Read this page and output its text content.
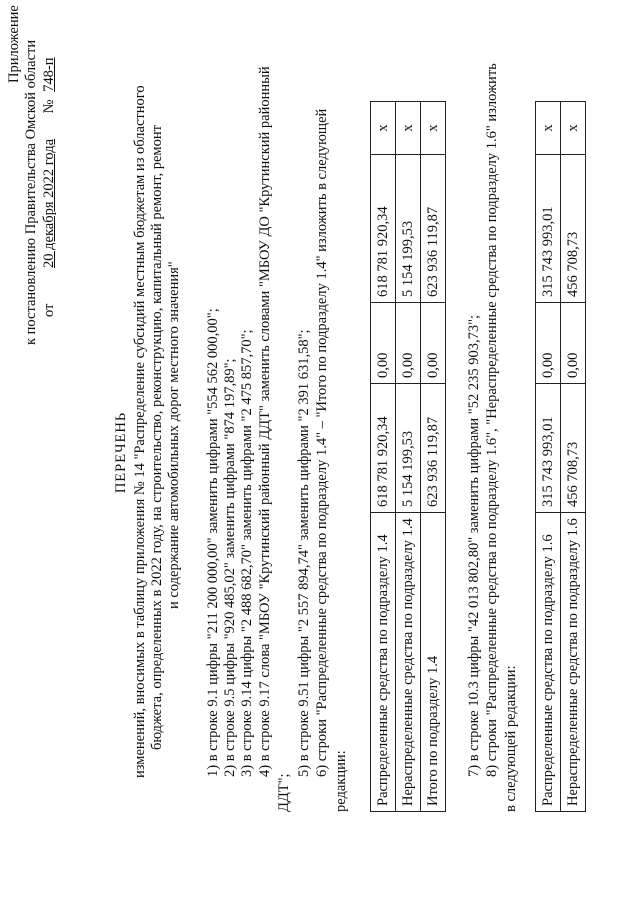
Приложение к постановлению Правительства Омской области от 20 декабря 2022 года № 748-п
ПЕРЕЧЕНЬ изменений, вносимых в таблицу приложения № 14 "Распределение субсидий местным бюджетам из областного бюджета, определенных в 2022 году, на строительство, реконструкцию, капитальный ремонт, ремонт и содержание автомобильных дорог местного значения" 1) в строке 9.1 цифры "211 200 000,00" заменить цифрами "554 562 000,00"; 2) в строке 9.5 цифры "920 485,02" заменить цифрами "874 197,89"; 3) в строке 9.14 цифры "2 488 682,70" заменить цифрами "2 475 857,70"; 4) в строке 9.17 слова "МБОУ "Крутинский районный ДДТ" заменить словами "МБОУ ДО "Крутинский районный
ДДТ";
5) в строке 9.51 цифры "2 557 894,74" заменить цифрами "2 391 631,58"; 6) строки "Распределенные средства по подразделу 1.4" – "Итого по подразделу 1.4" изложить в следующей
редакции: Распределенные средства по подразделу 1.4	618 781 920,34	0,00	618 781 920,34	x
Нераспределенные средства по подразделу 1.4	5 154 199,53	0,00	5 154 199,53	x
Итого по подразделу 1.4	623 936 119,87	0,00	623 936 119,87	x
7) в строке 10.3 цифры "42 013 802,80" заменить цифрами "52 235 903,73"; 8) строки "Распределенные средства по подразделу 1.6", "Нераспределенные средства по подразделу 1.6" изложить в следующей редакции: Распределенные средства по подразделу 1.6	315 743 993,01	0,00	315 743 993,01	x
Нераспределенные средства по подразделу 1.6	456 708,73	0,00	456 708,73	x
